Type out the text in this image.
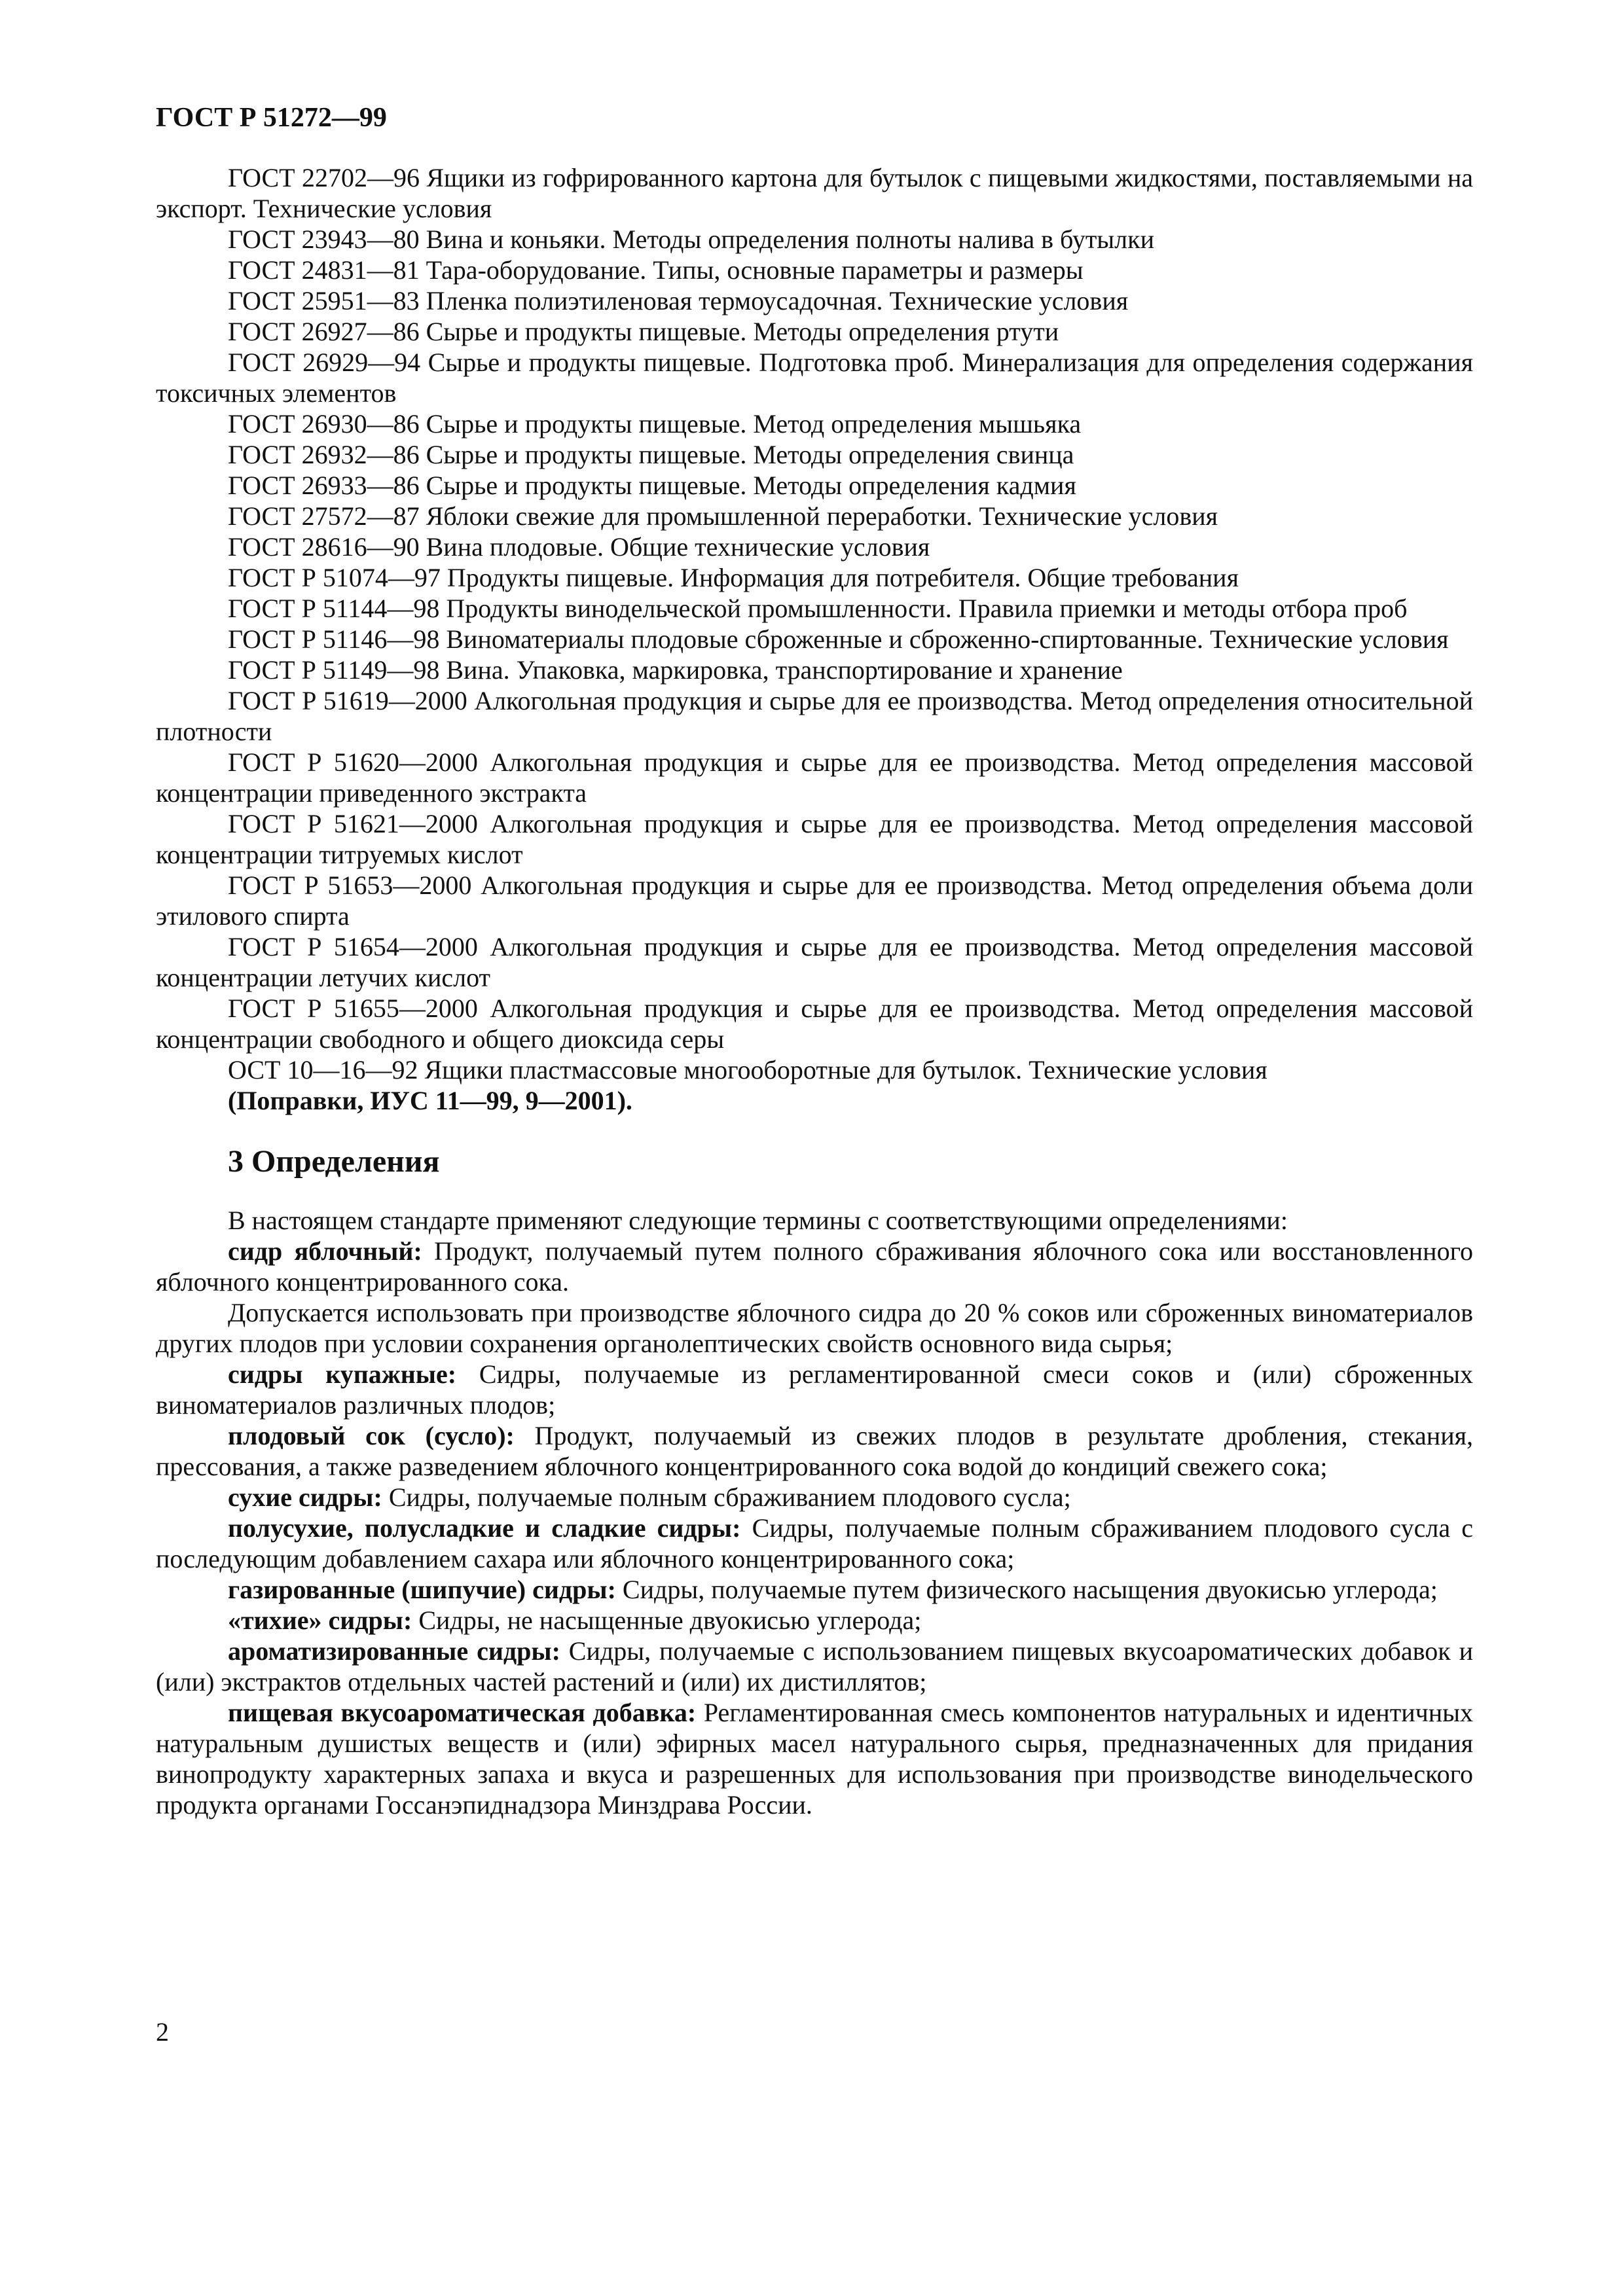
ГОСТ Р 51272—99

ГОСТ 22702—96 Ящики из гофрированного картона для бутылок с пищевыми жидкостями, поставляемыми на экспорт. Технические условия

ГОСТ 23943—80 Вина и коньяки. Методы определения полноты налива в бутылки

ГОСТ 24831—81 Тара-оборудование. Типы, основные параметры и размеры

ГОСТ 25951—83 Пленка полиэтиленовая термоусадочная. Технические условия

ГОСТ 26927—86 Сырье и продукты пищевые. Методы определения ртути

ГОСТ 26929—94 Сырье и продукты пищевые. Подготовка проб. Минерализация для определения содержания токсичных элементов

ГОСТ 26930—86 Сырье и продукты пищевые. Метод определения мышьяка

ГОСТ 26932—86 Сырье и продукты пищевые. Методы определения свинца

ГОСТ 26933—86 Сырье и продукты пищевые. Методы определения кадмия

ГОСТ 27572—87 Яблоки свежие для промышленной переработки. Технические условия

ГОСТ 28616—90 Вина плодовые. Общие технические условия

ГОСТ Р 51074—97 Продукты пищевые. Информация для потребителя. Общие требования

ГОСТ Р 51144—98 Продукты винодельческой промышленности. Правила приемки и методы отбора проб

ГОСТ Р 51146—98 Виноматериалы плодовые сброженные и сброженно-спиртованные. Технические условия

ГОСТ Р 51149—98 Вина. Упаковка, маркировка, транспортирование и хранение

ГОСТ Р 51619—2000 Алкогольная продукция и сырье для ее производства. Метод определения относительной плотности

ГОСТ Р 51620—2000 Алкогольная продукция и сырье для ее производства. Метод определения массовой концентрации приведенного экстракта

ГОСТ Р 51621—2000 Алкогольная продукция и сырье для ее производства. Метод определения массовой концентрации титруемых кислот

ГОСТ Р 51653—2000 Алкогольная продукция и сырье для ее производства. Метод определения объема доли этилового спирта

ГОСТ Р 51654—2000 Алкогольная продукция и сырье для ее производства. Метод определения массовой концентрации летучих кислот

ГОСТ Р 51655—2000 Алкогольная продукция и сырье для ее производства. Метод определения массовой концентрации свободного и общего диоксида серы

ОСТ 10—16—92 Ящики пластмассовые многооборотные для бутылок. Технические условия

(Поправки, ИУС 11—99, 9—2001).

3 Определения

В настоящем стандарте применяют следующие термины с соответствующими определениями:

сидр яблочный: Продукт, получаемый путем полного сбраживания яблочного сока или восстановленного яблочного концентрированного сока.

Допускается использовать при производстве яблочного сидра до 20 % соков или сброженных виноматериалов других плодов при условии сохранения органолептических свойств основного вида сырья;

сидры купажные: Сидры, получаемые из регламентированной смеси соков и (или) сброженных виноматериалов различных плодов;

плодовый сок (сусло): Продукт, получаемый из свежих плодов в результате дробления, стекания, прессования, а также разведением яблочного концентрированного сока водой до кондиций свежего сока;

сухие сидры: Сидры, получаемые полным сбраживанием плодового сусла;

полусухие, полусладкие и сладкие сидры: Сидры, получаемые полным сбраживанием плодового сусла с последующим добавлением сахара или яблочного концентрированного сока;

газированные (шипучие) сидры: Сидры, получаемые путем физического насыщения двуокисью углерода;

«тихие» сидры: Сидры, не насыщенные двуокисью углерода;

ароматизированные сидры: Сидры, получаемые с использованием пищевых вкусоароматических добавок и (или) экстрактов отдельных частей растений и (или) их дистиллятов;

пищевая вкусоароматическая добавка: Регламентированная смесь компонентов натуральных и идентичных натуральным душистых веществ и (или) эфирных масел натурального сырья, предназначенных для придания винопродукту характерных запаха и вкуса и разрешенных для использования при производстве винодельческого продукта органами Госсанэпиднадзора Минздрава России.

2
